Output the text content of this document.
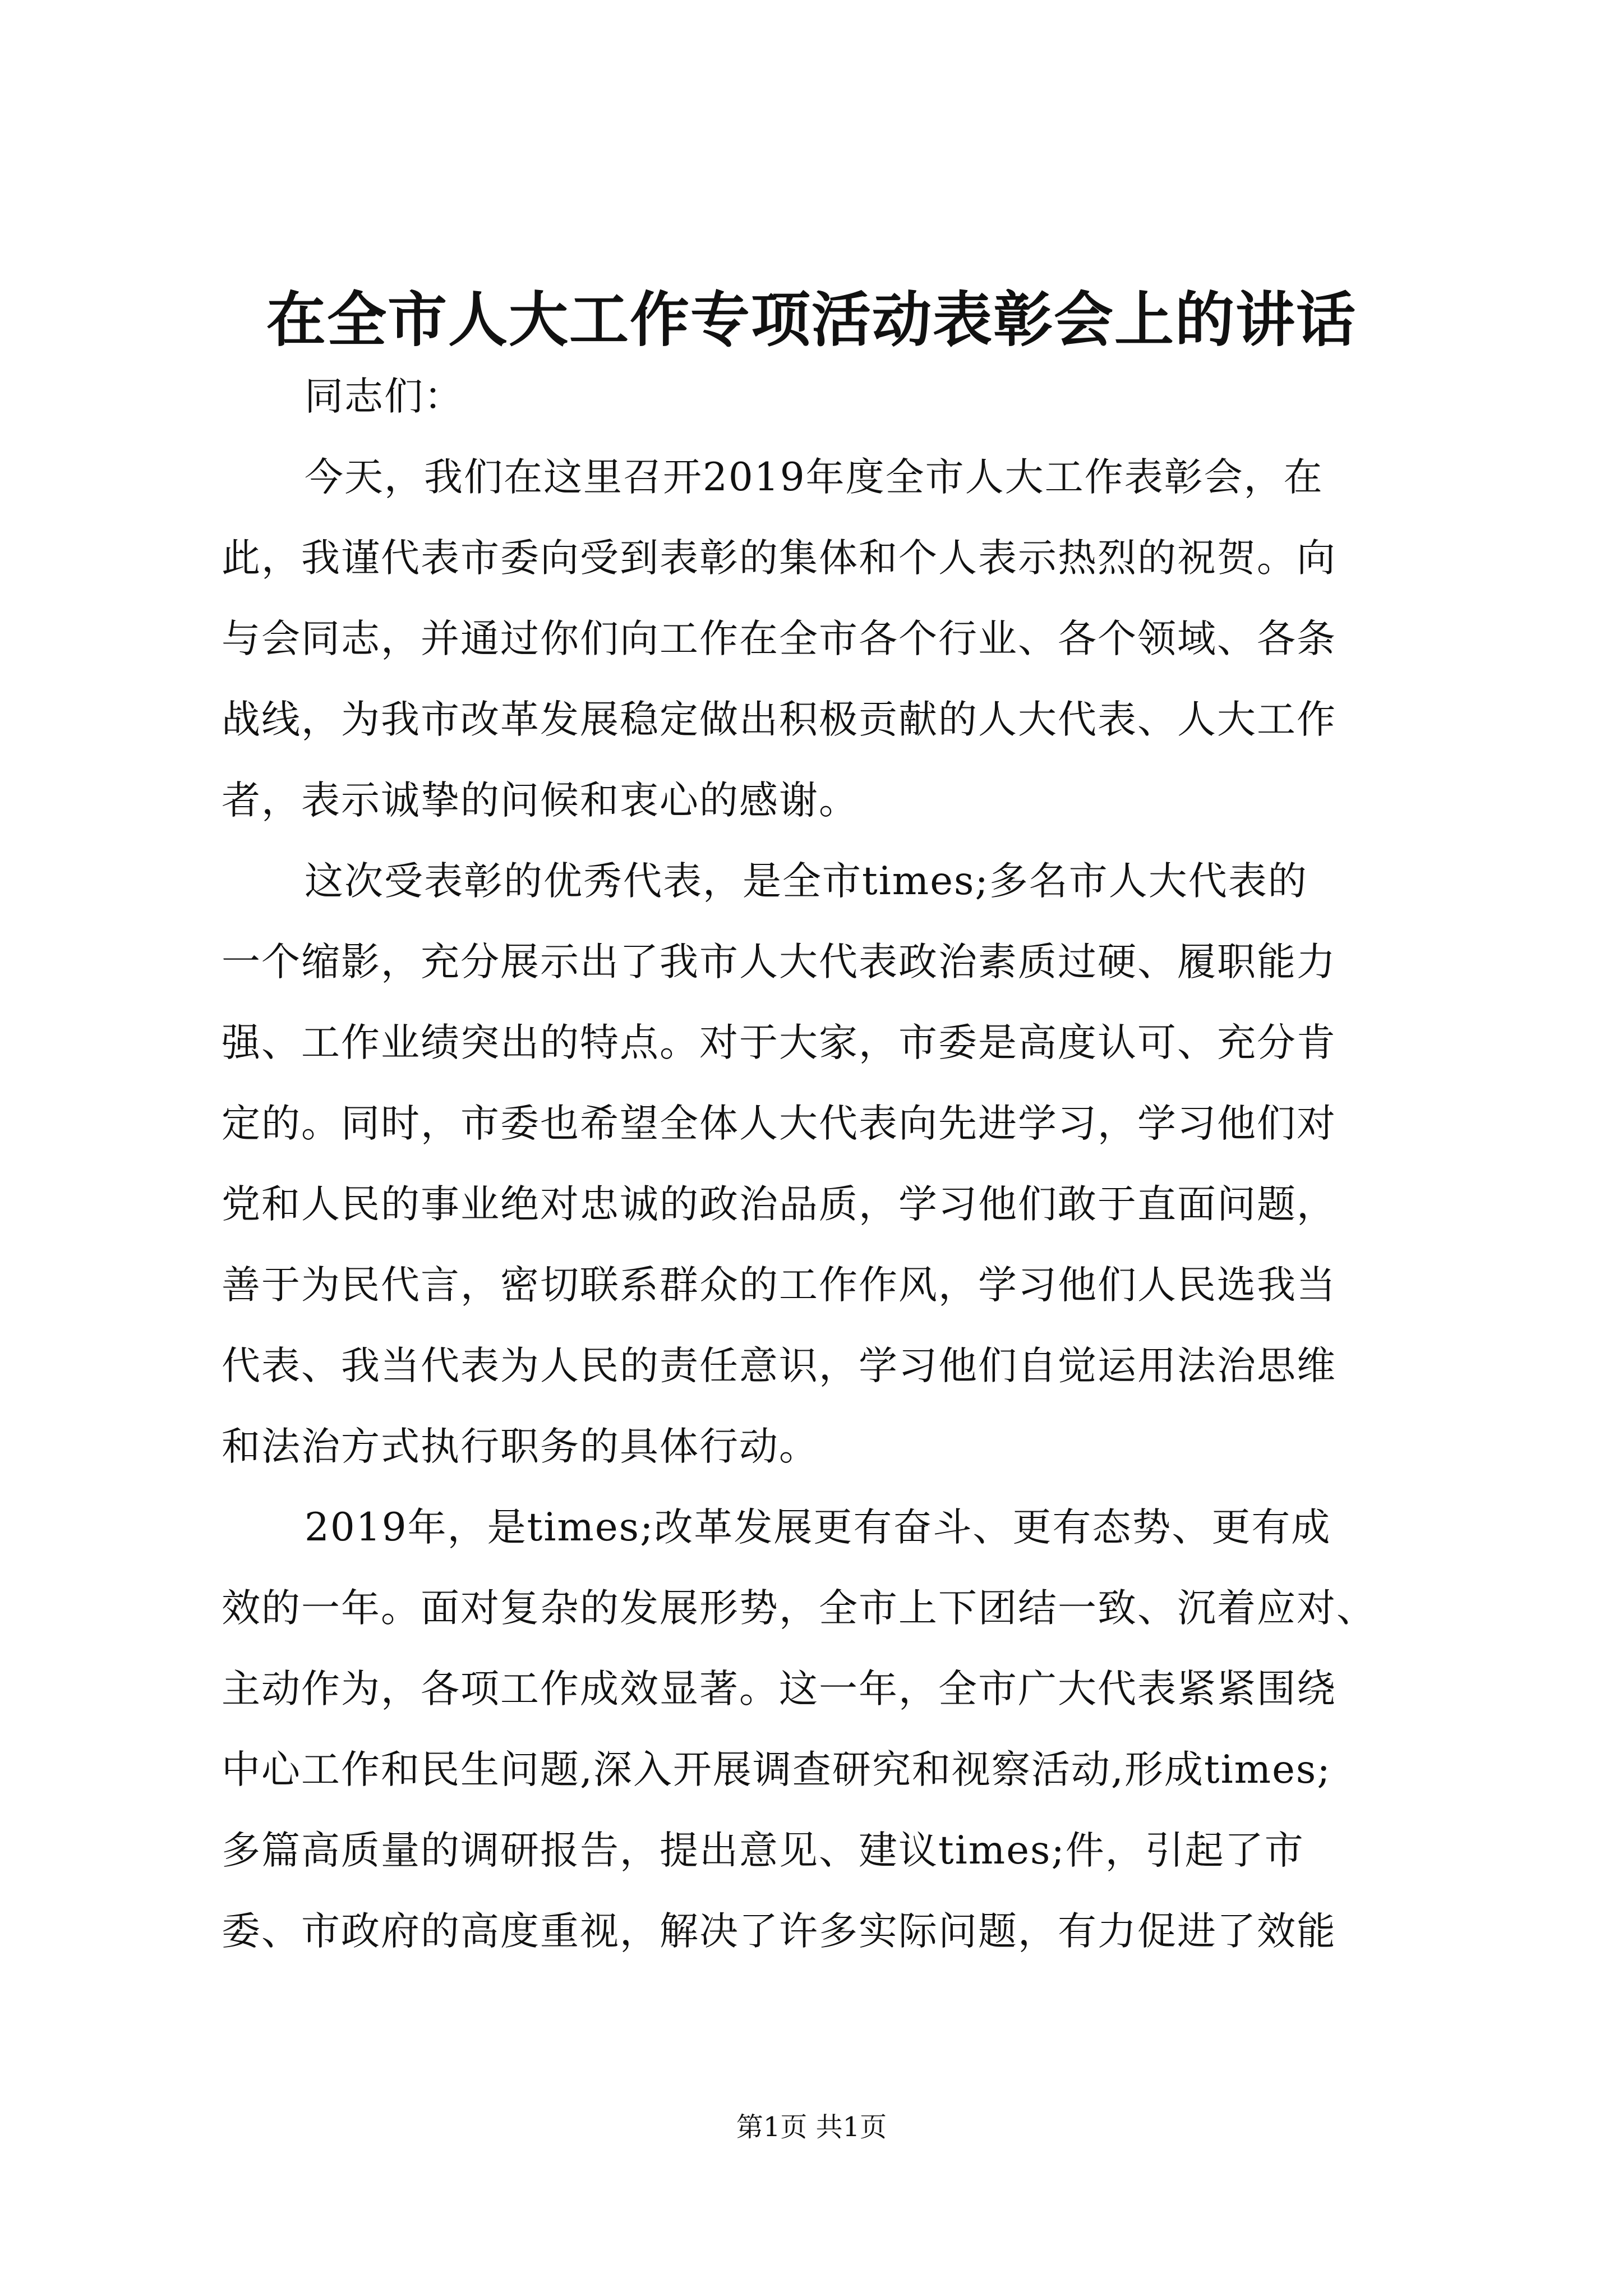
在全市人大工作专项活动表彰会上的讲话
同志们：
今天，我们在这里召开2019年度全市人大工作表彰会，在
此，我谨代表市委向受到表彰的集体和个人表示热烈的祝贺。向
与会同志，并通过你们向工作在全市各个行业、各个领域、各条
战线，为我市改革发展稳定做出积极贡献的人大代表、人大工作
者，表示诚挚的问候和衷心的感谢。
这次受表彰的优秀代表，是全市times;多名市人大代表的
一个缩影，充分展示出了我市人大代表政治素质过硬、履职能力
强、工作业绩突出的特点。对于大家，市委是高度认可、充分肯
定的。同时，市委也希望全体人大代表向先进学习，学习他们对
党和人民的事业绝对忠诚的政治品质，学习他们敢于直面问题，
善于为民代言，密切联系群众的工作作风，学习他们人民选我当
代表、我当代表为人民的责任意识，学习他们自觉运用法治思维
和法治方式执行职务的具体行动。
2019年，是times;改革发展更有奋斗、更有态势、更有成
效的一年。面对复杂的发展形势，全市上下团结一致、沉着应对、
主动作为，各项工作成效显著。这一年，全市广大代表紧紧围绕
中心工作和民生问题,深入开展调查研究和视察活动,形成times;
多篇高质量的调研报告，提出意见、建议times;件，引起了市
委、市政府的高度重视，解决了许多实际问题，有力促进了效能
第1页 共1页
